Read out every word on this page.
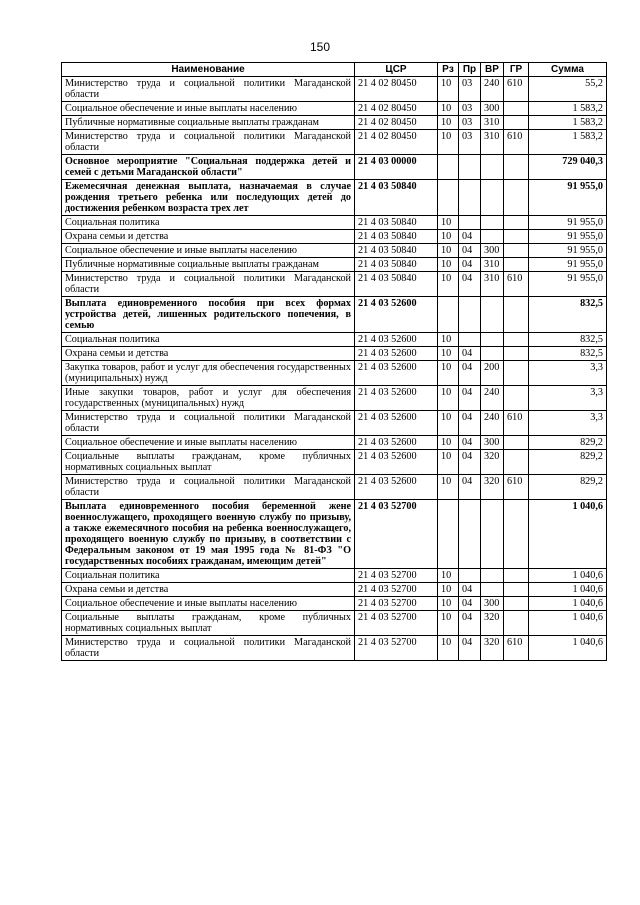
150
Наименование	ЦСР	Рз	Пр	ВР	ГР	Сумма
Министерство труда и социальной политики Магаданской области	21 4 02 80450	10	03	240	610	55,2
Социальное обеспечение и иные выплаты населению	21 4 02 80450	10	03	300		1 583,2
Публичные нормативные социальные выплаты гражданам	21 4 02 80450	10	03	310		1 583,2
Министерство труда и социальной политики Магаданской области	21 4 02 80450	10	03	310	610	1 583,2
Основное мероприятие "Социальная поддержка детей и семей с детьми Магаданской области"	21 4 03 00000					729 040,3
Ежемесячная денежная выплата, назначаемая в случае рождения третьего ребенка или последующих детей до достижения ребенком возраста трех лет	21 4 03 50840					91 955,0
Социальная политика	21 4 03 50840	10				91 955,0
Охрана семьи и детства	21 4 03 50840	10	04			91 955,0
Социальное обеспечение и иные выплаты населению	21 4 03 50840	10	04	300		91 955,0
Публичные нормативные социальные выплаты гражданам	21 4 03 50840	10	04	310		91 955,0
Министерство труда и социальной политики Магаданской области	21 4 03 50840	10	04	310	610	91 955,0
Выплата единовременного пособия при всех формах устройства детей, лишенных родительского попечения, в семью	21 4 03 52600					832,5
Социальная политика	21 4 03 52600	10				832,5
Охрана семьи и детства	21 4 03 52600	10	04			832,5
Закупка товаров, работ и услуг для обеспечения государственных (муниципальных) нужд	21 4 03 52600	10	04	200		3,3
Иные закупки товаров, работ и услуг для обеспечения государственных (муниципальных) нужд	21 4 03 52600	10	04	240		3,3
Министерство труда и социальной политики Магаданской области	21 4 03 52600	10	04	240	610	3,3
Социальное обеспечение и иные выплаты населению	21 4 03 52600	10	04	300		829,2
Социальные выплаты гражданам, кроме публичных нормативных социальных выплат	21 4 03 52600	10	04	320		829,2
Министерство труда и социальной политики Магаданской области	21 4 03 52600	10	04	320	610	829,2
Выплата единовременного пособия беременной жене военнослужащего, проходящего военную службу по призыву, а также ежемесячного пособия на ребенка военнослужащего, проходящего военную службу по призыву, в соответствии с Федеральным законом от 19 мая 1995 года № 81-ФЗ "О государственных пособиях гражданам, имеющим детей"	21 4 03 52700					1 040,6
Социальная политика	21 4 03 52700	10				1 040,6
Охрана семьи и детства	21 4 03 52700	10	04			1 040,6
Социальное обеспечение и иные выплаты населению	21 4 03 52700	10	04	300		1 040,6
Социальные выплаты гражданам, кроме публичных нормативных социальных выплат	21 4 03 52700	10	04	320		1 040,6
Министерство труда и социальной политики Магаданской области	21 4 03 52700	10	04	320	610	1 040,6
